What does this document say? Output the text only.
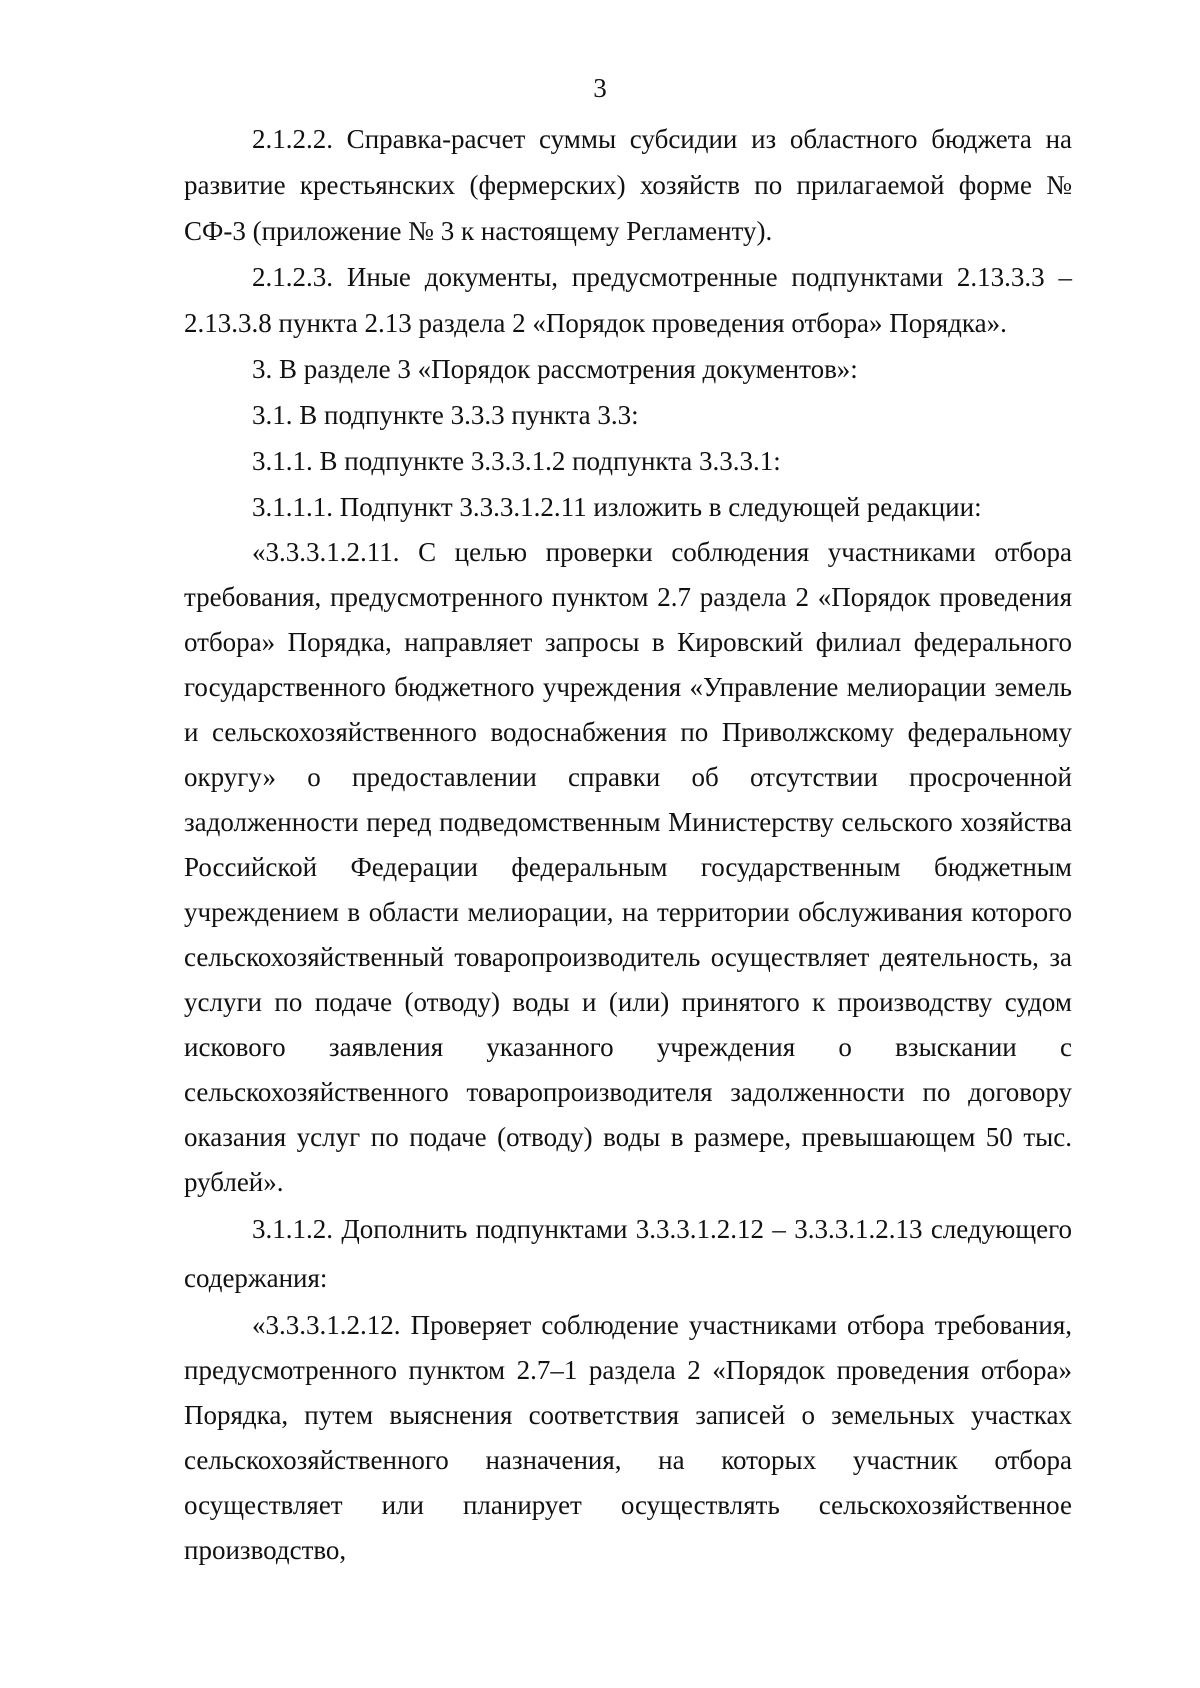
3

2.1.2.2. Справка-расчет суммы субсидии из областного бюджета на развитие крестьянских (фермерских) хозяйств по прилагаемой форме № СФ-3 (приложение № 3 к настоящему Регламенту).

2.1.2.3. Иные документы, предусмотренные подпунктами 2.13.3.3 – 2.13.3.8 пункта 2.13 раздела 2 «Порядок проведения отбора» Порядка».

3. В разделе 3 «Порядок рассмотрения документов»:

3.1. В подпункте 3.3.3 пункта 3.3:

3.1.1. В подпункте 3.3.3.1.2 подпункта 3.3.3.1:

3.1.1.1. Подпункт 3.3.3.1.2.11 изложить в следующей редакции:

«3.3.3.1.2.11. С целью проверки соблюдения участниками отбора требования, предусмотренного пунктом 2.7 раздела 2 «Порядок проведения отбора» Порядка, направляет запросы в Кировский филиал федерального государственного бюджетного учреждения «Управление мелиорации земель и сельскохозяйственного водоснабжения по Приволжскому федеральному округу» о предоставлении справки об отсутствии просроченной задолженности перед подведомственным Министерству сельского хозяйства Российской Федерации федеральным государственным бюджетным учреждением в области мелиорации, на территории обслуживания которого сельскохозяйственный товаропроизводитель осуществляет деятельность, за услуги по подаче (отводу) воды и (или) принятого к производству судом искового заявления указанного учреждения о взыскании с сельскохозяйственного товаропроизводителя задолженности по договору оказания услуг по подаче (отводу) воды в размере, превышающем 50 тыс. рублей».

3.1.1.2. Дополнить подпунктами 3.3.3.1.2.12 – 3.3.3.1.2.13 следующего содержания:

«3.3.3.1.2.12. Проверяет соблюдение участниками отбора требования, предусмотренного пунктом 2.7–1 раздела 2 «Порядок проведения отбора» Порядка, путем выяснения соответствия записей о земельных участках сельскохозяйственного назначения, на которых участник отбора осуществляет или планирует осуществлять сельскохозяйственное производство,
